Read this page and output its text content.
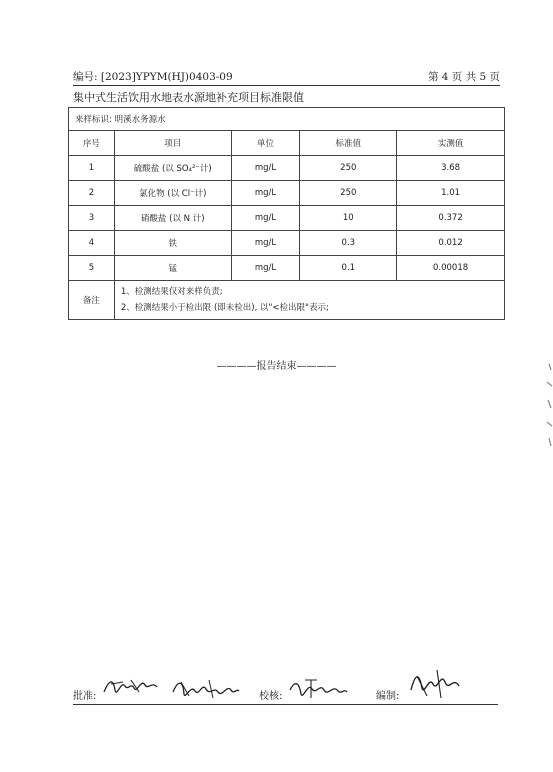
编号: [2023]YPYM(HJ)0403-09	第 4 页 共 5 页
集中式生活饮用水地表水源地补充项目标准限值
来样标识: 明溪水务源水				
序号	项目	单位	标准值	实测值
1	硫酸盐 (以 SO₄²⁻计)	mg/L	250	3.68
2	氯化物 (以 Cl⁻计)	mg/L	250	1.01
3	硝酸盐 (以 N 计)	mg/L	10	0.372
4	铁	mg/L	0.3	0.012
5	锰	mg/L	0.1	0.00018
备注	1、检测结果仅对来样负责;
2、检测结果小于检出限 (即未检出), 以"<检出限"表示;			
————报告结束————
批准:	校核:	编制:
